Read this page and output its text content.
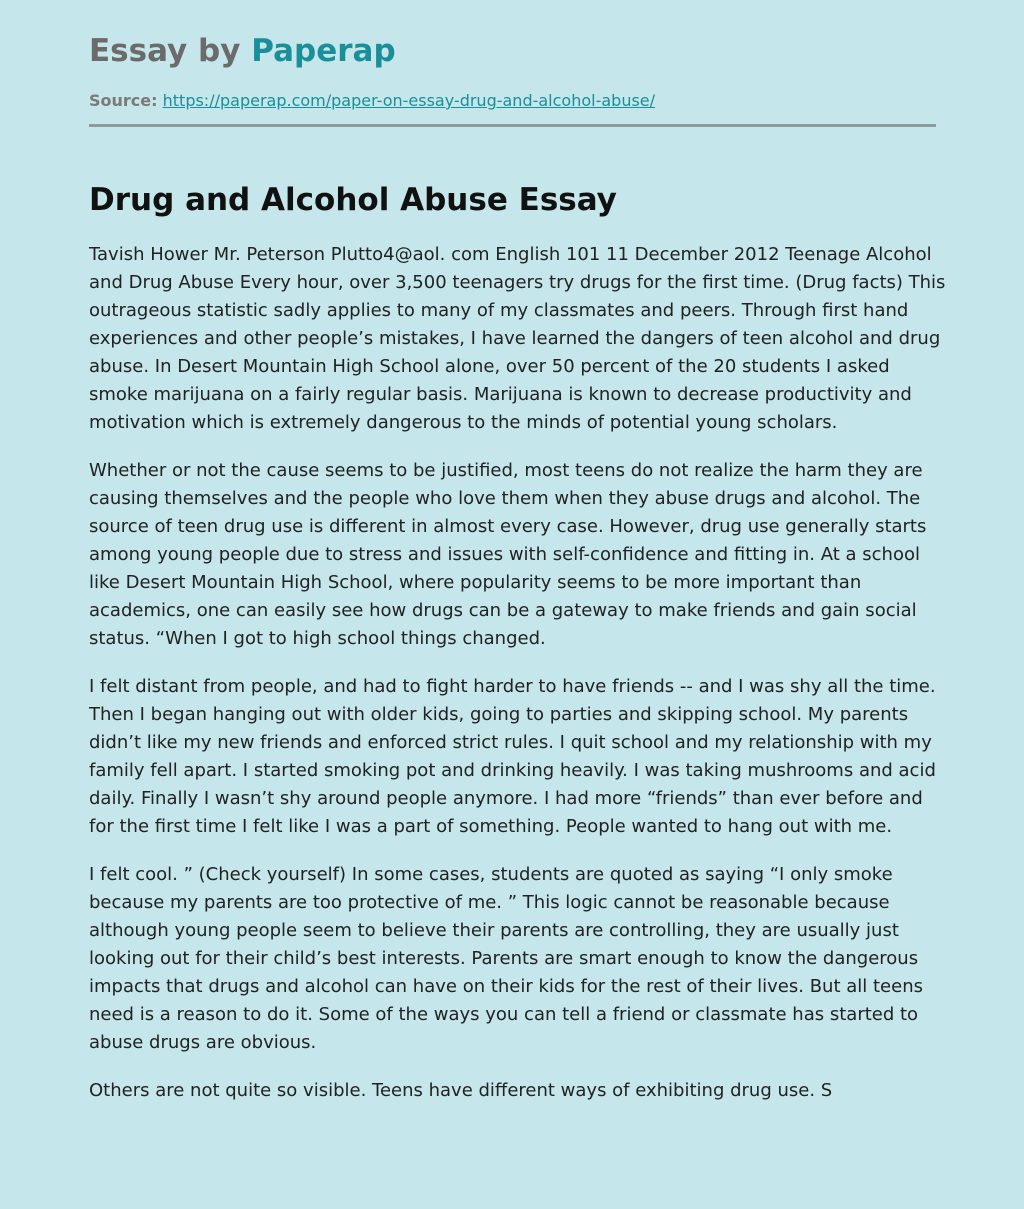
Essay by Paperap
Source: https://paperap.com/paper-on-essay-drug-and-alcohol-abuse/
Drug and Alcohol Abuse Essay

Tavish Hower Mr. Peterson Plutto4@aol. com English 101 11 December 2012 Teenage Alcohol and Drug Abuse Every hour, over 3,500 teenagers try drugs for the first time. (Drug facts) This outrageous statistic sadly applies to many of my classmates and peers. Through first hand experiences and other people’s mistakes, I have learned the dangers of teen alcohol and drug abuse. In Desert Mountain High School alone, over 50 percent of the 20 students I asked smoke marijuana on a fairly regular basis. Marijuana is known to decrease productivity and motivation which is extremely dangerous to the minds of potential young scholars.

Whether or not the cause seems to be justified, most teens do not realize the harm they are causing themselves and the people who love them when they abuse drugs and alcohol. The source of teen drug use is different in almost every case. However, drug use generally starts among young people due to stress and issues with self-confidence and fitting in. At a school like Desert Mountain High School, where popularity seems to be more important than academics, one can easily see how drugs can be a gateway to make friends and gain social status. “When I got to high school things changed.

I felt distant from people, and had to fight harder to have friends -- and I was shy all the time. Then I began hanging out with older kids, going to parties and skipping school. My parents didn’t like my new friends and enforced strict rules. I quit school and my relationship with my family fell apart. I started smoking pot and drinking heavily. I was taking mushrooms and acid daily. Finally I wasn’t shy around people anymore. I had more “friends” than ever before and for the first time I felt like I was a part of something. People wanted to hang out with me.

I felt cool. ” (Check yourself) In some cases, students are quoted as saying “I only smoke because my parents are too protective of me. ” This logic cannot be reasonable because although young people seem to believe their parents are controlling, they are usually just looking out for their child’s best interests. Parents are smart enough to know the dangerous impacts that drugs and alcohol can have on their kids for the rest of their lives. But all teens need is a reason to do it. Some of the ways you can tell a friend or classmate has started to abuse drugs are obvious.

Others are not quite so visible. Teens have different ways of exhibiting drug use. S
